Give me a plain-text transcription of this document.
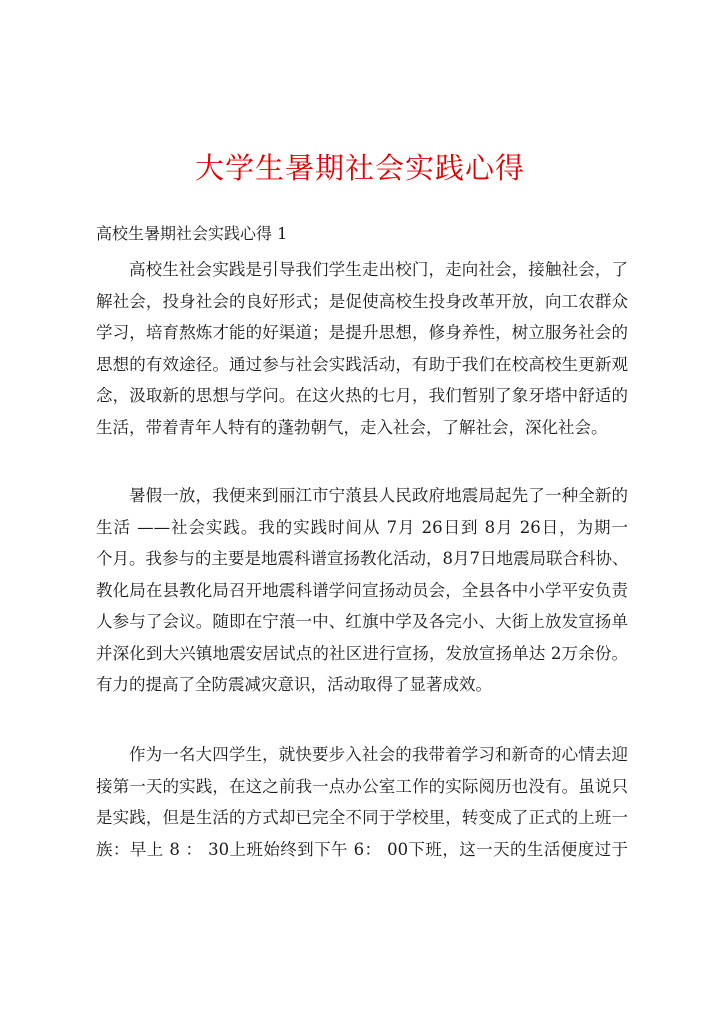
大学生暑期社会实践心得
高校生暑期社会实践心得 1
高校生社会实践是引导我们学生走出校门，走向社会，接触社会，了
解社会，投身社会的良好形式；是促使高校生投身改革开放，向工农群众
学习，培育熬炼才能的好渠道；是提升思想，修身养性，树立服务社会的
思想的有效途径。通过参与社会实践活动，有助于我们在校高校生更新观
念，汲取新的思想与学问。在这火热的七月，我们暂别了象牙塔中舒适的
生活，带着青年人特有的蓬勃朝气，走入社会，了解社会，深化社会。
暑假一放，我便来到丽江市宁蒗县人民政府地震局起先了一种全新的
生活 ——社会实践。我的实践时间从 7月 26日到 8月 26日，为期一
个月。我参与的主要是地震科谱宣扬教化活动，8月7日地震局联合科协、
教化局在县教化局召开地震科谱学问宣扬动员会，全县各中小学平安负责
人参与了会议。随即在宁蒗一中、红旗中学及各完小、大街上放发宣扬单
并深化到大兴镇地震安居试点的社区进行宣扬，发放宣扬单达 2万余份。
有力的提高了全防震减灾意识，活动取得了显著成效。
作为一名大四学生，就快要步入社会的我带着学习和新奇的心情去迎
接第一天的实践，在这之前我一点办公室工作的实际阅历也没有。虽说只
是实践，但是生活的方式却已完全不同于学校里，转变成了正式的上班一
族：早上 8 ： 30上班始终到下午 6： 00下班，这一天的生活便度过于
